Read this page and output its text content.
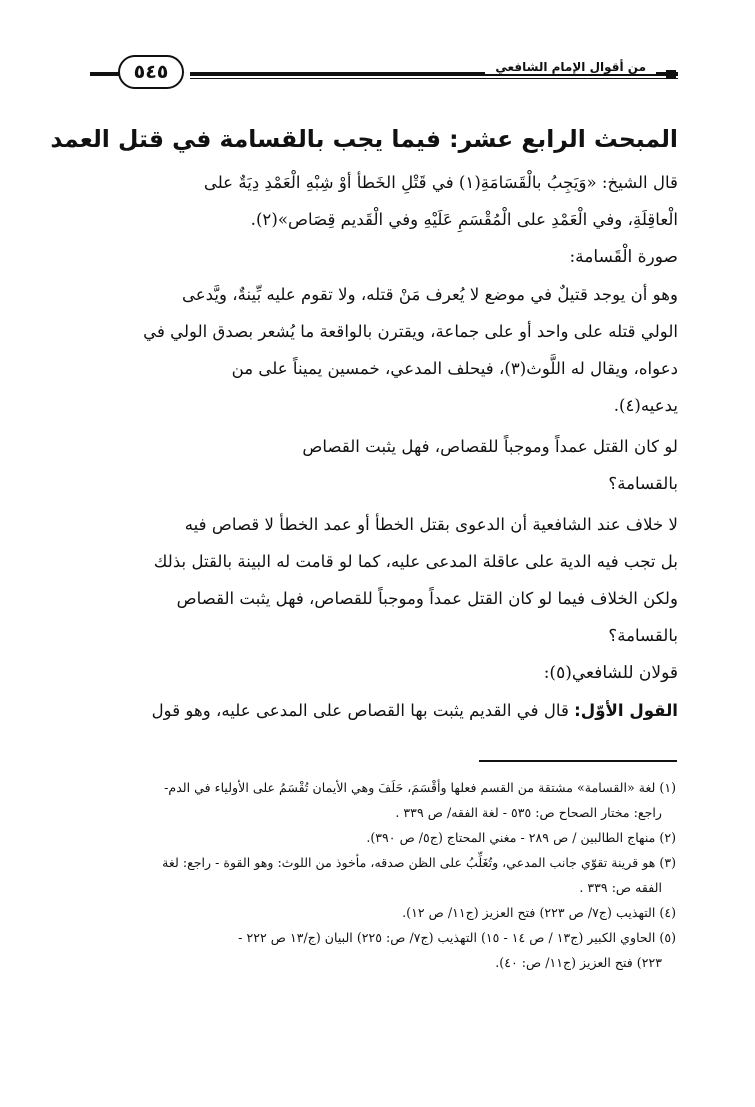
من أقوال الإمام الشافعي
٥٤٥
المبحث الرابع عشر: فيما يجب بالقسامة في قتل العمد

قال الشيخ: «وَيَجِبُ بالْقَسَامَةِ(١) في قَتْلِ الخَطأ أوْ شِبْهِ الْعَمْدِ دِيَةٌ على

الْعاقِلَةِ، وفي الْعَمْدِ على الْمُقْسَمِ عَلَيْهِ وفي الْقَديم قِصَاص»(٢).

صورة الْقَسامة:

وهو أن يوجد قتيلٌ في موضع لا يُعرف مَنْ قتله، ولا تقوم عليه بِّينةٌ، ويَّدعى

الولي قتله على واحد أو على جماعة، ويقترن بالواقعة ما يُشعر بصدق الولي في

دعواه، ويقال له اللَّوث(٣)، فيحلف المدعي، خمسين يميناً على من

يدعيه(٤).

لو كان القتل عمداً وموجباً للقصاص، فهل يثبت القصاص

بالقسامة؟

لا خلاف عند الشافعية أن الدعوى بقتل الخطأ أو عمد الخطأ لا قصاص فيه

بل تجب فيه الدية على عاقلة المدعى عليه، كما لو قامت له البينة بالقتل بذلك

ولكن الخلاف فيما لو كان القتل عمداً وموجباً للقصاص، فهل يثبت القصاص

بالقسامة؟

قولان للشافعي(٥):

القول الأوّل: قال في القديم يثبت بها القصاص على المدعى عليه، وهو قول

(١) لغة «القسامة» مشتقة من القسم فعلها وأقْسَمَ، حَلَفَ وهي الأيمان تُقْسَمُ على الأولياء في الدم-

راجع: مختار الصحاح ص: ٥٣٥ - لغة الفقه/ ص ٣٣٩ .

(٢) منهاج الطالبين / ص ٢٨٩ - مغني المحتاج (ج٥/ ص ٣٩٠).

(٣) هو قرينة تقوّي جانب المدعي، وتُغَلِّبُ على الظن صدقه، مأخوذ من اللوث: وهو القوة - راجع: لغة

الفقه ص: ٣٣٩ .

(٤) التهذيب (ج٧/ ص ٢٢٣) فتح العزيز (ج١١/ ص ١٢).

(٥) الحاوي الكبير (ج١٣ / ص ١٤ - ١٥) التهذيب (ج٧/ ص: ٢٢٥) البيان (ج/١٣ ص ٢٢٢ -

٢٢٣) فتح العزيز (ج١١/ ص: ٤٠).
